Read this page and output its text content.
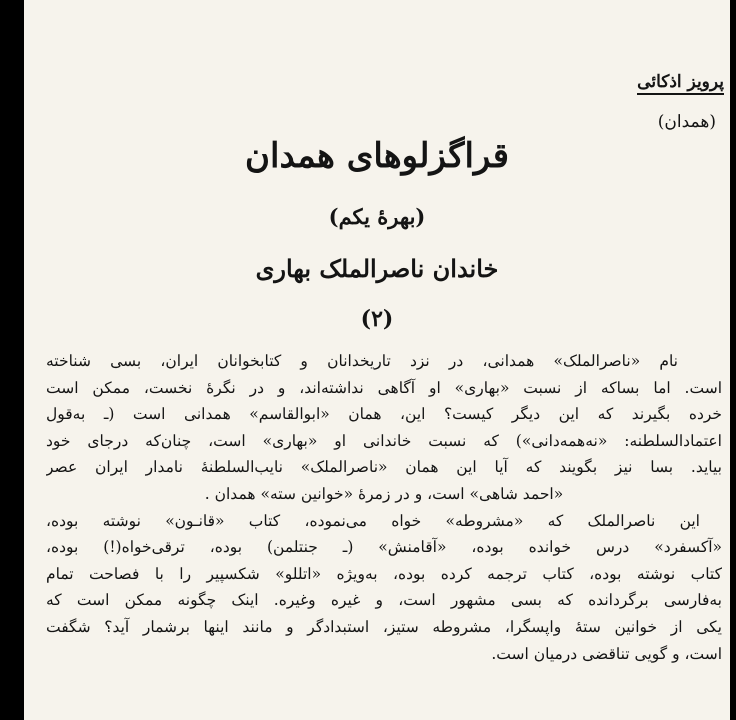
پرویز اذکائی
(همدان)
قراگزلوهای همدان
(بهرهٔ یکم)
خاندان ناصرالملک بهاری
(۲)
نام «ناصرالملک» همدانی، در نزد تاریخدانان و کتابخوانان ایران، بسی شناخته
است. اما بساکه از نسبت «بهاری» او آگاهی نداشته‌اند، و در نگرهٔ نخست، ممکن است
خرده بگیرند که این دیگر کیست؟ این، همان «ابوالقاسم» همدانی است (ـ به‌قول
اعتمادالسلطنه: «نه‌همه‌دانی») که نسبت خاندانی او «بهاری» است، چنان‌که درجای خود
بیاید. بسا نیز بگویند که آیا این همان «ناصرالملک» نایب‌السلطنهٔ نامدار ایران عصر
«احمد شاهی» است، و در زمرهٔ «خوانین سته» همدان .
این ناصرالملک که «مشروطه» خواه می‌نموده، کتاب «قانـون» نوشته بوده،
«آکسفرد» درس خوانده بوده، «آقامنش» (ـ جنتلمن) بوده، ترقی‌خواه(!) بوده،
کتاب نوشته بوده، کتاب ترجمه کرده بوده، به‌ویژه «اتللو» شکسپیر را با فصاحت تمام
به‌فارسی برگردانده که بسی مشهور است، و غیره وغیره. اینک چگونه ممکن است که
یکی از خوانین ستهٔ واپسگرا، مشروطه ستیز، استبدادگر و مانند اینها برشمار آید؟ شگفت
است، و گویی تناقضی درمیان است.
